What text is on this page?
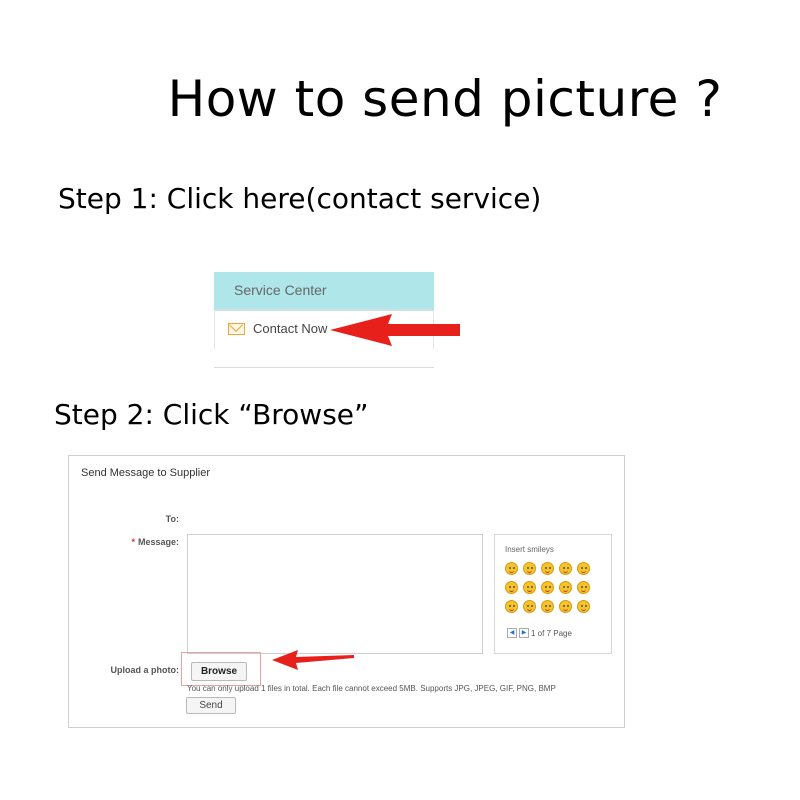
How to send picture ?
Step 1: Click here(contact service)
Service Center
Contact Now
Step 2: Click “Browse”
Send Message to Supplier
To:
* Message:
Insert smileys
◀	▶ 1 of 7 Page
Upload a photo:	Browse
You can only upload 1 files in total. Each file cannot exceed 5MB. Supports JPG, JPEG, GIF, PNG, BMP
Send
